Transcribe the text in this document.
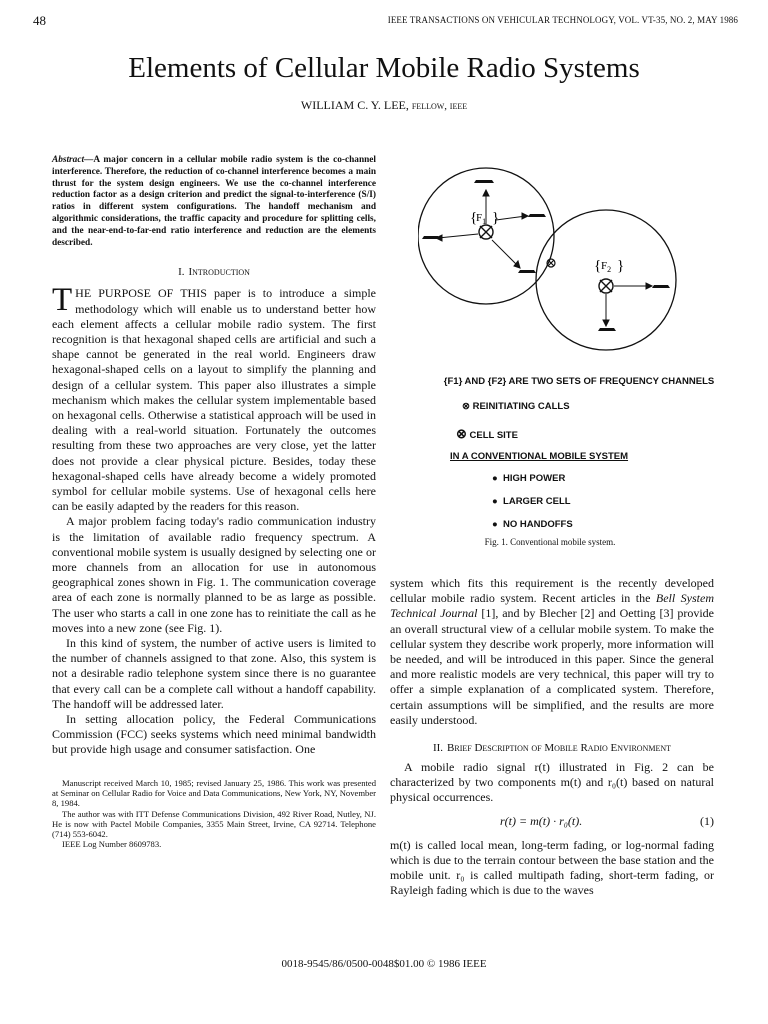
48	IEEE TRANSACTIONS ON VEHICULAR TECHNOLOGY, VOL. VT-35, NO. 2, MAY 1986
Elements of Cellular Mobile Radio Systems
WILLIAM C. Y. LEE, fellow, ieee

Abstract—A major concern in a cellular mobile radio system is the co-channel interference. Therefore, the reduction of co-channel interference becomes a main thrust for the system design engineers. We use the co-channel interference reduction factor as a design criterion and predict the signal-to-interference (S/I) ratios in different system configurations. The handoff mechanism and algorithmic considerations, the traffic capacity and procedure for splitting cells, and the near-end-to-far-end ratio interference and reduction are the elements described.

I. Introduction

THE PURPOSE OF THIS paper is to introduce a simple methodology which will enable us to understand better how each element affects a cellular mobile radio system. The first recognition is that hexagonal shaped cells are artificial and such a shape cannot be generated in the real world. Engineers draw hexagonal-shaped cells on a layout to simplify the planning and design of a cellular system. This paper also illustrates a simple mechanism which makes the cellular system implementable based on hexagonal cells. Otherwise a statistical approach will be used in dealing with a real-world situation. Fortunately the outcomes resulting from these two approaches are very close, yet the latter does not provide a clear physical picture. Besides, today these hexagonal-shaped cells have already become a widely promoted symbol for cellular mobile systems. Use of hexagonal cells here can be easily adapted by the readers for this reason.

A major problem facing today's radio communication industry is the limitation of available radio frequency spectrum. A conventional mobile system is usually designed by selecting one or more channels from an allocation for use in autonomous geographical zones shown in Fig. 1. The communication coverage area of each zone is normally planned to be as large as possible. The user who starts a call in one zone has to reinitiate the call as he moves into a new zone (see Fig. 1).

In this kind of system, the number of active users is limited to the number of channels assigned to that zone. Also, this system is not a desirable radio telephone system since there is no guarantee that every call can be a complete call without a handoff capability. The handoff will be addressed later.

In setting allocation policy, the Federal Communications Commission (FCC) seeks systems which need minimal bandwidth but provide high usage and consumer satisfaction. One

Manuscript received March 10, 1985; revised January 25, 1986. This work was presented at Seminar on Cellular Radio for Voice and Data Communications, New York, NY, November 8, 1984.

The author was with ITT Defense Communications Division, 492 River Road, Nutley, NJ. He is now with Pactel Mobile Companies, 3355 Main Street, Irvine, CA 92714. Telephone (714) 553-6042.

IEEE Log Number 8609783.

{
$F_1$ }
{ $F_2$ }
{F1} AND {F2} ARE TWO SETS OF FREQUENCY CHANNELS
⊗ REINITIATING CALLS
⊗ CELL SITE
IN A CONVENTIONAL MOBILE SYSTEM
●  HIGH POWER
●  LARGER CELL
●  NO HANDOFFS
Fig. 1. Conventional mobile system.

system which fits this requirement is the recently developed cellular mobile radio system. Recent articles in the Bell System Technical Journal [1], and by Blecher [2] and Oetting [3] provide an overall structural view of a cellular mobile system. To make the cellular system they describe work properly, more information will be needed, and will be introduced in this paper. Since the general and more realistic models are very technical, this paper will try to offer a simple explanation of a complicated system. Therefore, certain assumptions will be simplified, and the results are more easily understood.

II. Brief Description of Mobile Radio Environment

A mobile radio signal r(t) illustrated in Fig. 2 can be characterized by two components m(t) and r₀(t) based on natural physical occurrences.

r(t) = m(t) · r₀(t).	(1)

m(t) is called local mean, long-term fading, or log-normal fading which is due to the terrain contour between the base station and the mobile unit. r₀ is called multipath fading, short-term fading, or Rayleigh fading which is due to the waves

0018-9545/86/0500-0048$01.00 © 1986 IEEE
